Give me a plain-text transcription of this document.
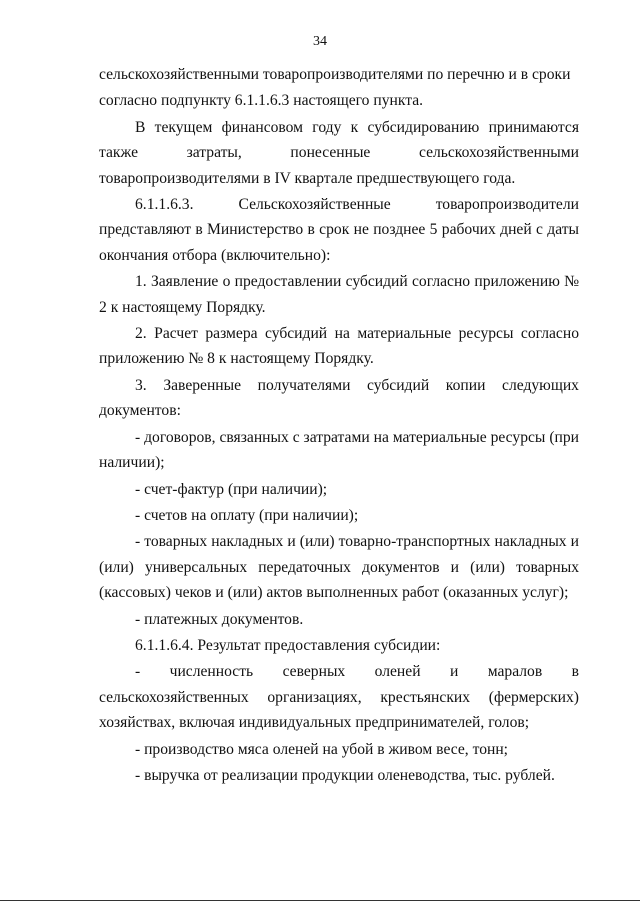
34

сельскохозяйственными товаропроизводителями по перечню и в сроки

согласно подпункту 6.1.1.6.3 настоящего пункта.

В текущем финансовом году к субсидированию принимаются также затраты, понесенные сельскохозяйственными товаропроизводителями в IV квартале предшествующего года.

6.1.1.6.3.	Сельскохозяйственные	товаропроизводители

представляют в Министерство в срок не позднее 5 рабочих дней с даты окончания отбора (включительно):

1. Заявление о предоставлении субсидий согласно приложению № 2 к настоящему Порядку.

2. Расчет размера субсидий на материальные ресурсы согласно приложению № 8 к настоящему Порядку.

3. Заверенные получателями субсидий копии следующих

документов:

- договоров, связанных с затратами на материальные ресурсы (при наличии);

- счет-фактур (при наличии);

- счетов на оплату (при наличии);

- товарных накладных и (или) товарно-транспортных накладных и (или) универсальных передаточных документов и (или) товарных (кассовых) чеков и (или) актов выполненных работ (оказанных услуг);

- платежных документов.

6.1.1.6.4. Результат предоставления субсидии:

- численность северных оленей и маралов в сельскохозяйственных организациях, крестьянских (фермерских) хозяйствах, включая индивидуальных предпринимателей, голов;

- производство мяса оленей на убой в живом весе, тонн;

- выручка от реализации продукции оленеводства, тыс. рублей.
